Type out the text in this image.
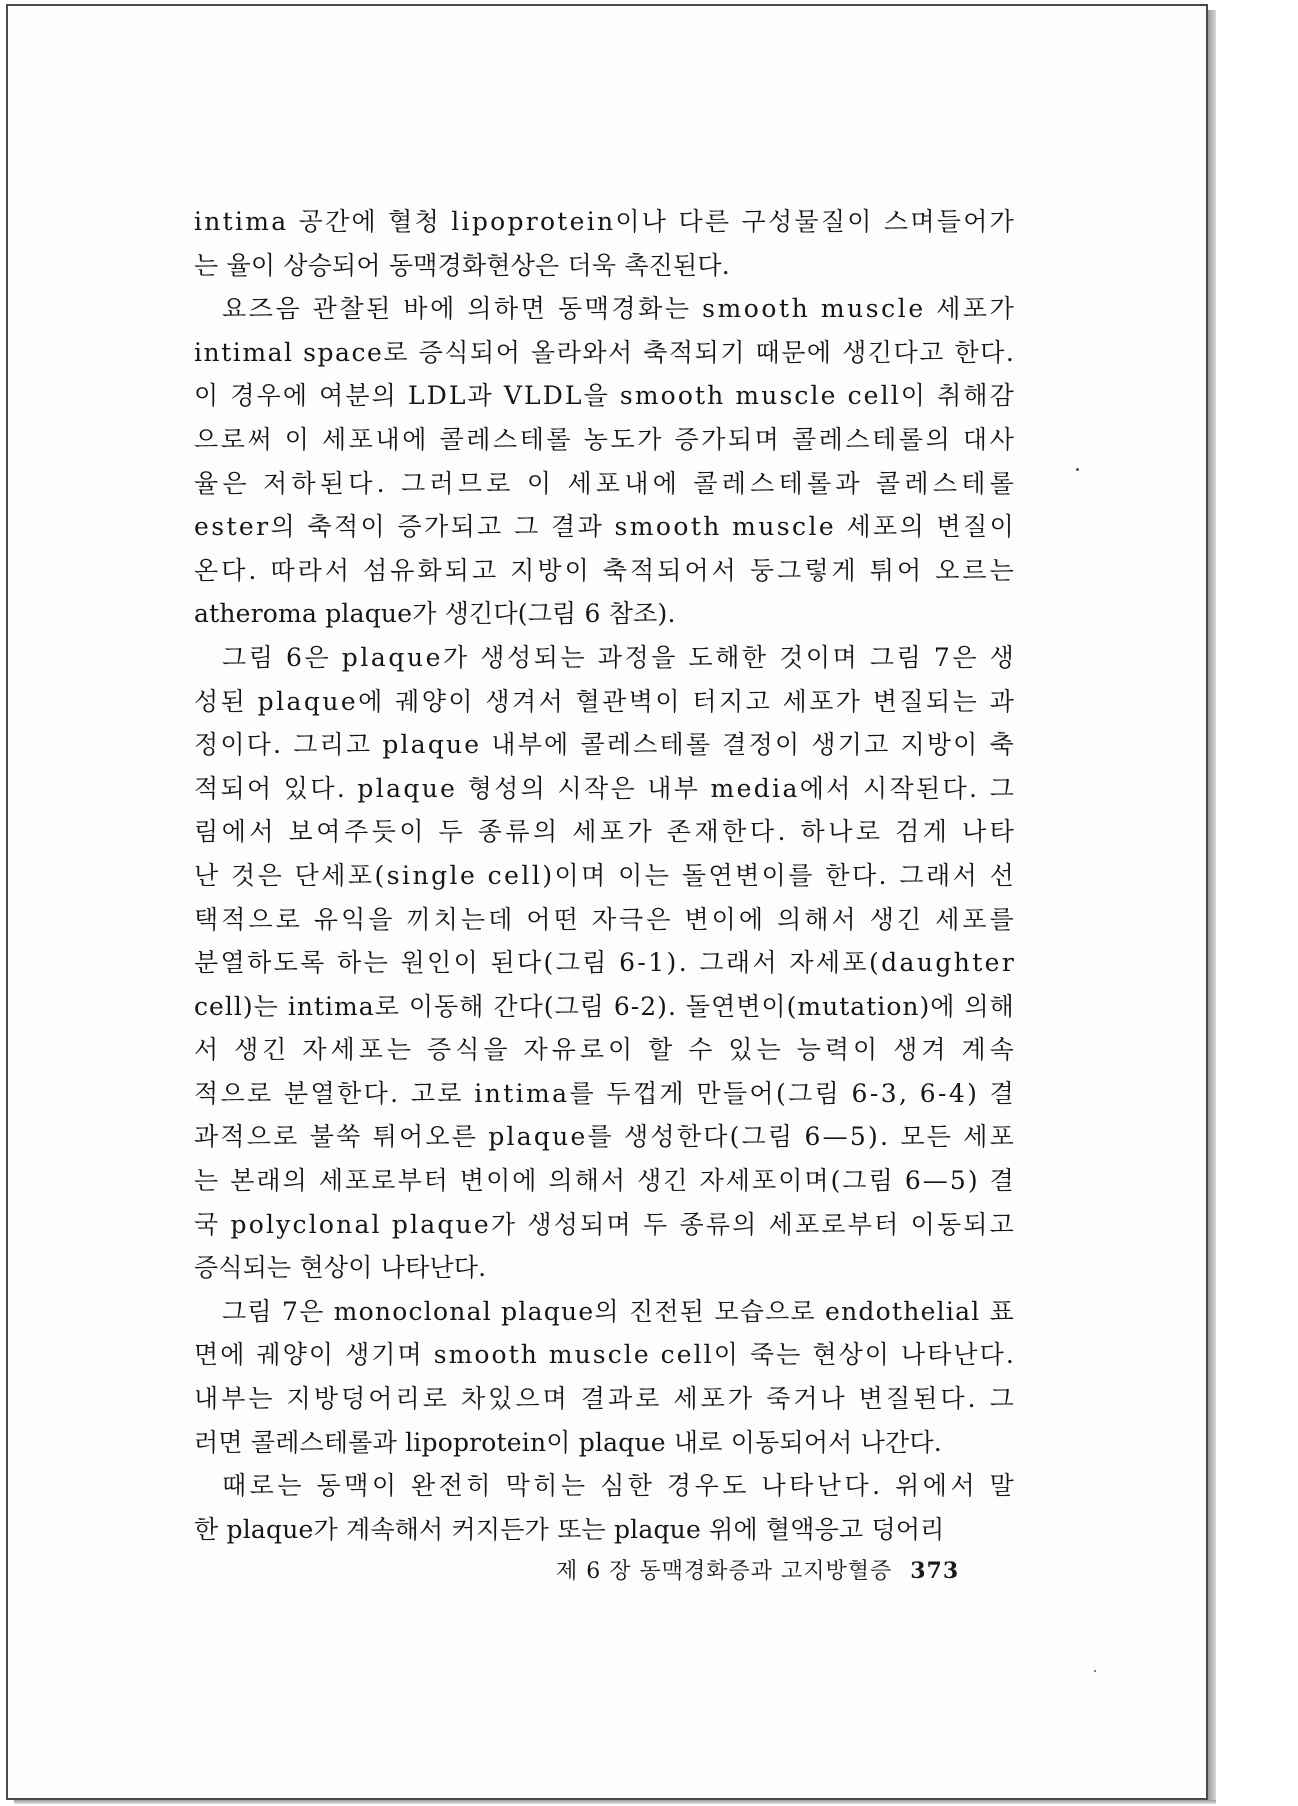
intima 공간에 혈청 lipoprotein이나 다른 구성물질이 스며들어가
는 율이 상승되어 동맥경화현상은 더욱 촉진된다.
요즈음 관찰된 바에 의하면 동맥경화는 smooth muscle 세포가
intimal space로 증식되어 올라와서 축적되기 때문에 생긴다고 한다.
이 경우에 여분의 LDL과 VLDL을 smooth muscle cell이 취해감
으로써 이 세포내에 콜레스테롤 농도가 증가되며 콜레스테롤의 대사
율은 저하된다. 그러므로 이 세포내에 콜레스테롤과 콜레스테롤
ester의 축적이 증가되고 그 결과 smooth muscle 세포의 변질이
온다. 따라서 섬유화되고 지방이 축적되어서 둥그렇게 튀어 오르는
atheroma plaque가 생긴다(그림 6 참조).
그림 6은 plaque가 생성되는 과정을 도해한 것이며 그림 7은 생
성된 plaque에 궤양이 생겨서 혈관벽이 터지고 세포가 변질되는 과
정이다. 그리고 plaque 내부에 콜레스테롤 결정이 생기고 지방이 축
적되어 있다. plaque 형성의 시작은 내부 media에서 시작된다. 그
림에서 보여주듯이 두 종류의 세포가 존재한다. 하나로 검게 나타
난 것은 단세포(single cell)이며 이는 돌연변이를 한다. 그래서 선
택적으로 유익을 끼치는데 어떤 자극은 변이에 의해서 생긴 세포를
분열하도록 하는 원인이 된다(그림 6-1). 그래서 자세포(daughter
cell)는 intima로 이동해 간다(그림 6-2). 돌연변이(mutation)에 의해
서 생긴 자세포는 증식을 자유로이 할 수 있는 능력이 생겨 계속
적으로 분열한다. 고로 intima를 두껍게 만들어(그림 6-3, 6-4) 결
과적으로 불쑥 튀어오른 plaque를 생성한다(그림 6—5). 모든 세포
는 본래의 세포로부터 변이에 의해서 생긴 자세포이며(그림 6—5) 결
국 polyclonal plaque가 생성되며 두 종류의 세포로부터 이동되고
증식되는 현상이 나타난다.
그림 7은 monoclonal plaque의 진전된 모습으로 endothelial 표
면에 궤양이 생기며 smooth muscle cell이 죽는 현상이 나타난다.
내부는 지방덩어리로 차있으며 결과로 세포가 죽거나 변질된다. 그
러면 콜레스테롤과 lipoprotein이 plaque 내로 이동되어서 나간다.
때로는 동맥이 완전히 막히는 심한 경우도 나타난다. 위에서 말
한 plaque가 계속해서 커지든가 또는 plaque 위에 혈액응고 덩어리
제 6 장 동맥경화증과 고지방혈증 373
